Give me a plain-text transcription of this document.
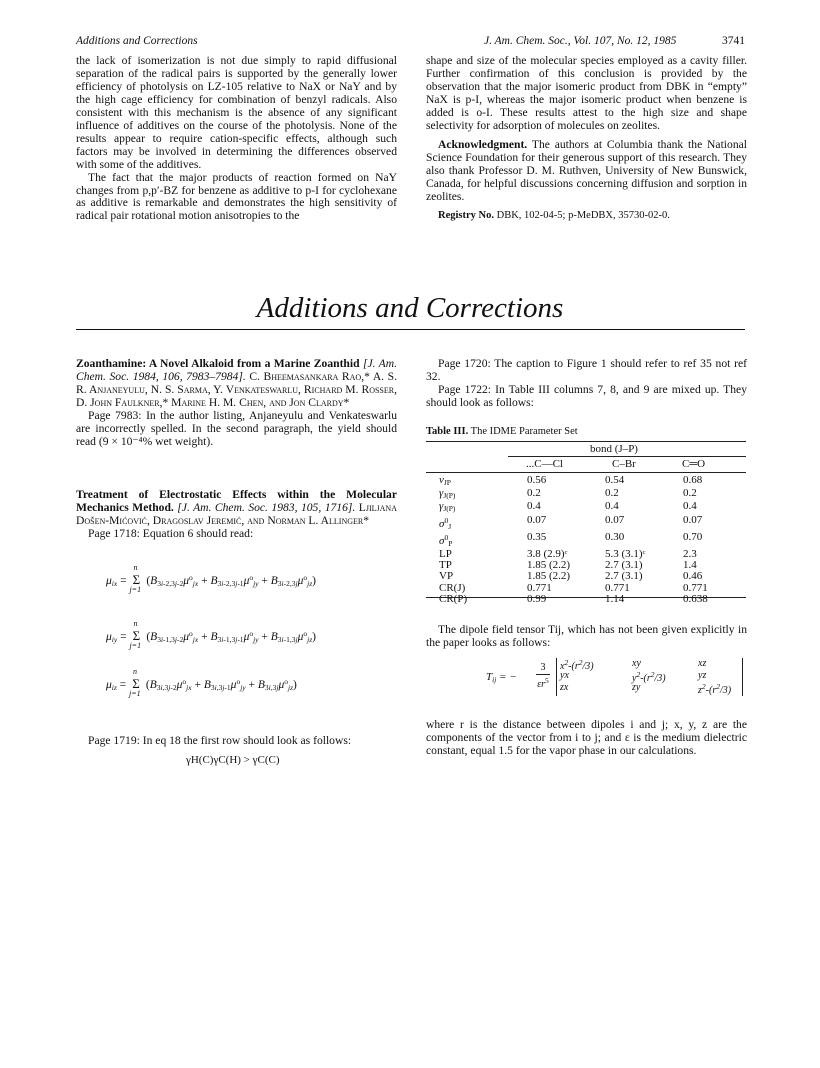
Additions and Corrections	J. Am. Chem. Soc., Vol. 107, No. 12, 1985	3741

the lack of isomerization is not due simply to rapid diffusional separation of the radical pairs is supported by the generally lower efficiency of photolysis on LZ-105 relative to NaX or NaY and by the high cage efficiency for combination of benzyl radicals. Also consistent with this mechanism is the absence of any significant influence of additives on the course of the photolysis. None of the results appear to require cation-specific effects, although such factors may be involved in determining the differences observed with some of the additives.

The fact that the major products of reaction formed on NaY changes from p,p′-BZ for benzene as additive to p-I for cyclohexane as additive is remarkable and demonstrates the high sensitivity of radical pair rotational motion anisotropies to the

shape and size of the molecular species employed as a cavity filler. Further confirmation of this conclusion is provided by the observation that the major isomeric product from DBK in “empty” NaX is p-I, whereas the major isomeric product when benzene is added is o-I. These results attest to the high size and shape selectivity for adsorption of molecules on zeolites.

Acknowledgment. The authors at Columbia thank the National Science Foundation for their generous support of this research. They also thank Professor D. M. Ruthven, University of New Bunswick, Canada, for helpful discussions concerning diffusion and sorption in zeolites.

Registry No. DBK, 102-04-5; p-MeDBX, 35730-02-0.

Additions and Corrections

Zoanthamine: A Novel Alkaloid from a Marine Zoanthid [J. Am. Chem. Soc. 1984, 106, 7983–7984]. C. Bheemasankara Rao,* A. S. R. Anjaneyulu, N. S. Sarma, Y. Venkateswarlu, Richard M. Rosser, D. John Faulkner,* Marine H. M. Chen, and Jon Clardy*

Page 7983: In the author listing, Anjaneyulu and Venkateswarlu are incorrectly spelled. In the second paragraph, the yield should read (9 × 10⁻⁴% wet weight).

Treatment of Electrostatic Effects within the Molecular Mechanics Method. [J. Am. Chem. Soc. 1983, 105, 1716]. Ljiljana Došen-Mićović, Dragoslav Jeremić, and Norman L. Allinger*

Page 1718: Equation 6 should read:

$\mu_{ix} = \Sigma$
n
j=1
$(B_{3i-2,3j-2}\mu^o_{jx} + B_{3i-2,3j-1}\mu^o_{jy} + B_{3i-2,3j}\mu^o_{jz})$
$\mu_{iy} = \Sigma$
n
j=1
$(B_{3i-1,3j-2}\mu^o_{jx} + B_{3i-1,3j-1}\mu^o_{jy} + B_{3i-1,3j}\mu^o_{jz})$
$\mu_{iz} = \Sigma$
n
j=1
$(B_{3i,3j-2}\mu^o_{jx} + B_{3i,3j-1}\mu^o_{jy} + B_{3i,3j}\mu^o_{jz})$

Page 1719: In eq 18 the first row should look as follows:

γH(C)γC(H) > γC(C)

Page 1720: The caption to Figure 1 should refer to ref 35 not ref 32.

Page 1722: In Table III columns 7, 8, and 9 are mixed up. They should look as follows:

Table III. The IDME Parameter Set
bond (J–P)
...C—Cl	C–Br	C═O
$\nu_{JP}$	0.56	0.54	0.68
$\gamma_{J(P)}$	0.2	0.2	0.2
$\gamma_{J(P)}$	0.4	0.4	0.4
$\sigma^0_J$	0.07	0.07	0.07
$\sigma^0_P$	0.35	0.30	0.70
LP	3.8 (2.9)ᶜ	5.3 (3.1)ᶜ	2.3
TP	1.85 (2.2)	2.7 (3.1)	1.4
VP	1.85 (2.2)	2.7 (3.1)	0.46
CR(J)	0.771	0.771	0.771
CR(P)	0.99	1.14	0.638

The dipole field tensor Tij, which has not been given explicitly in the paper looks as follows:

$T_{ij}$ = −
3
$\varepsilon r^5$
$x^2-(r^2/3)$	xy	xz
yx	$y^2-(r^2/3)$	yz
zx	zy	$z^2-(r^2/3)$

where r is the distance between dipoles i and j; x, y, z are the components of the vector from i to j; and ε is the medium dielectric constant, equal 1.5 for the vapor phase in our calculations.
